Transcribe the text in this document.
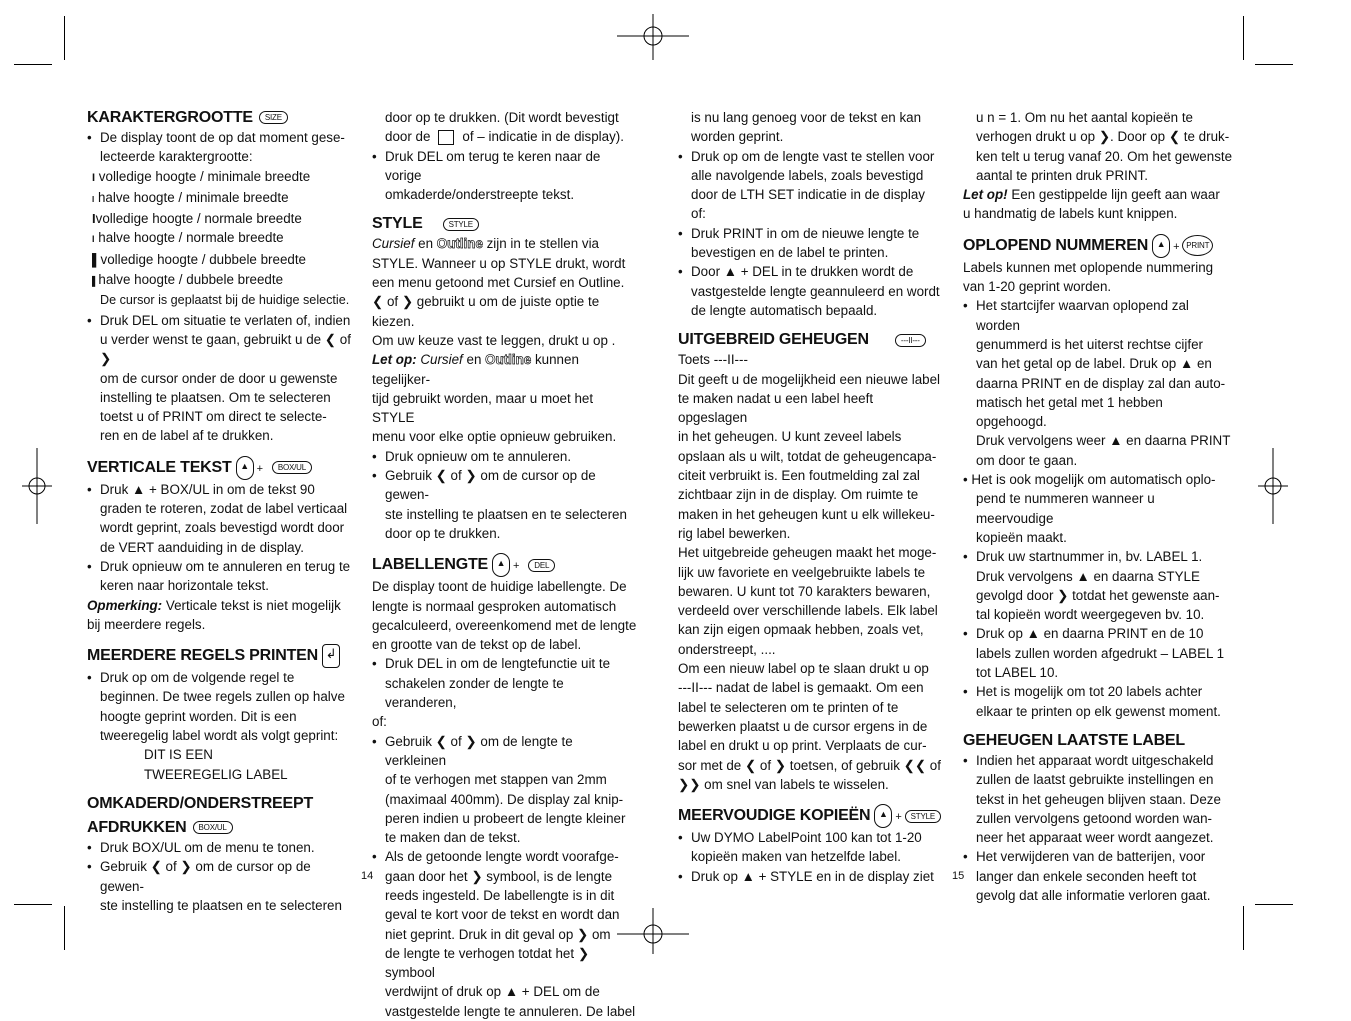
KARAKTERGROOTTE SIZE

• De display toont de op dat moment gese-

lecteerde karaktergrootte:

I volledige hoogte / minimale breedte

I halve hoogte / minimale breedte

Ivolledige hoogte / normale breedte

I halve hoogte / normale breedte

▌volledige hoogte / dubbele breedte

▌halve hoogte / dubbele breedte

De cursor is geplaatst bij de huidige selectie.

• Druk DEL om situatie te verlaten of, indien

u verder wenst te gaan, gebruikt u de ❮ of ❯

om de cursor onder de door u gewenste

instelling te plaatsen. Om te selecteren

toetst u of PRINT om direct te selecte-

ren en de label af te drukken.

VERTICALE TEKST ▲ + BOX/UL

• Druk ▲ + BOX/UL in om de tekst 90

graden te roteren, zodat de label verticaal

wordt geprint, zoals bevestigd wordt door

de VERT aanduiding in de display.

• Druk opnieuw om te annuleren en terug te

keren naar horizontale tekst.

Opmerking: Verticale tekst is niet mogelijk

bij meerdere regels.

MEERDERE REGELS PRINTEN ↲

• Druk op om de volgende regel te

beginnen. De twee regels zullen op halve

hoogte geprint worden. Dit is een

tweeregelig label wordt als volgt geprint:

DIT IS EEN

TWEEREGELIG LABEL

OMKADERD/ONDERSTREEPT

AFDRUKKEN BOX/UL

• Druk BOX/UL om de menu te tonen.

• Gebruik ❮ of ❯ om de cursor op de gewen-

ste instelling te plaatsen en te selecteren

14

door op te drukken. (Dit wordt bevestigt

door de of – indicatie in de display).

• Druk DEL om terug te keren naar de vorige

omkaderde/onderstreepte tekst.

STYLE	STYLE

Cursief en Outline zijn in te stellen via

STYLE. Wanneer u op STYLE drukt, wordt

een menu getoond met Cursief en Outline.

❮ of ❯ gebruikt u om de juiste optie te kiezen.

Om uw keuze vast te leggen, drukt u op .

Let op: Cursief en Outline kunnen tegelijker-

tijd gebruikt worden, maar u moet het STYLE

menu voor elke optie opnieuw gebruiken.

• Druk opnieuw om te annuleren.

• Gebruik ❮ of ❯ om de cursor op de gewen-

ste instelling te plaatsen en te selecteren

door op te drukken.

LABELLENGTE ▲ + DEL

De display toont de huidige labellengte. De

lengte is normaal gesproken automatisch

gecalculeerd, overeenkomend met de lengte

en grootte van de tekst op de label.

• Druk DEL in om de lengtefunctie uit te

schakelen zonder de lengte te veranderen,

of:

• Gebruik ❮ of ❯ om de lengte te verkleinen

of te verhogen met stappen van 2mm

(maximaal 400mm). De display zal knip-

peren indien u probeert de lengte kleiner

te maken dan de tekst.

• Als de getoonde lengte wordt voorafge-

gaan door het ❯ symbool, is de lengte

reeds ingesteld. De labellengte is in dit

geval te kort voor de tekst en wordt dan

niet geprint. Druk in dit geval op ❯ om

de lengte te verhogen totdat het ❯ symbool

verdwijnt of druk op ▲ + DEL om de

vastgestelde lengte te annuleren. De label

is nu lang genoeg voor de tekst en kan

worden geprint.

• Druk op om de lengte vast te stellen voor

alle navolgende labels, zoals bevestigd

door de LTH SET indicatie in de display of:

• Druk PRINT in om de nieuwe lengte te

bevestigen en de label te printen.

• Door ▲ + DEL in te drukken wordt de

vastgestelde lengte geannuleerd en wordt

de lengte automatisch bepaald.

UITGEBREID GEHEUGEN	---II---

Toets ---II---

Dit geeft u de mogelijkheid een nieuwe label

te maken nadat u een label heeft opgeslagen

in het geheugen. U kunt zeveel labels

opslaan als u wilt, totdat de geheugencapa-

citeit verbruikt is. Een foutmelding zal zal

zichtbaar zijn in de display. Om ruimte te

maken in het geheugen kunt u elk willekeu-

rig label bewerken.

Het uitgebreide geheugen maakt het moge-

lijk uw favoriete en veelgebruikte labels te

bewaren. U kunt tot 70 karakters bewaren,

verdeeld over verschillende labels. Elk label

kan zijn eigen opmaak hebben, zoals vet,

onderstreept, ....

Om een nieuw label op te slaan drukt u op

---II--- nadat de label is gemaakt. Om een

label te selecteren om te printen of te

bewerken plaatst u de cursor ergens in de

label en drukt u op print. Verplaats de cur-

sor met de ❮ of ❯ toetsen, of gebruik ❮❮ of

❯❯ om snel van labels te wisselen.

MEERVOUDIGE KOPIEËN ▲ + STYLE

• Uw DYMO LabelPoint 100 kan tot 1-20

kopieën maken van hetzelfde label.

• Druk op ▲ + STYLE en in de display ziet	15

u n = 1. Om nu het aantal kopieën te

verhogen drukt u op ❯. Door op ❮ te druk-

ken telt u terug vanaf 20. Om het gewenste

aantal te printen druk PRINT.

Let op! Een gestippelde lijn geeft aan waar

u handmatig de labels kunt knippen.

OPLOPEND NUMMEREN ▲ + PRINT

Labels kunnen met oplopende nummering

van 1-20 geprint worden.

• Het startcijfer waarvan oplopend zal worden

genummerd is het uiterst rechtse cijfer

van het getal op de label. Druk op ▲ en

daarna PRINT en de display zal dan auto-

matisch het getal met 1 hebben opgehoogd.

Druk vervolgens weer ▲ en daarna PRINT

om door te gaan.

• Het is ook mogelijk om automatisch oplo-

pend te nummeren wanneer u meervoudige

kopieën maakt.

• Druk uw startnummer in, bv. LABEL 1.

Druk vervolgens ▲ en daarna STYLE

gevolgd door ❯ totdat het gewenste aan-

tal kopieën wordt weergegeven bv. 10.

• Druk op ▲ en daarna PRINT en de 10

labels zullen worden afgedrukt – LABEL 1

tot LABEL 10.

• Het is mogelijk om tot 20 labels achter

elkaar te printen op elk gewenst moment.

GEHEUGEN LAATSTE LABEL

• Indien het apparaat wordt uitgeschakeld

zullen de laatst gebruikte instellingen en

tekst in het geheugen blijven staan. Deze

zullen vervolgens getoond worden wan-

neer het apparaat weer wordt aangezet.

• Het verwijderen van de batterijen, voor

langer dan enkele seconden heeft tot

gevolg dat alle informatie verloren gaat.
